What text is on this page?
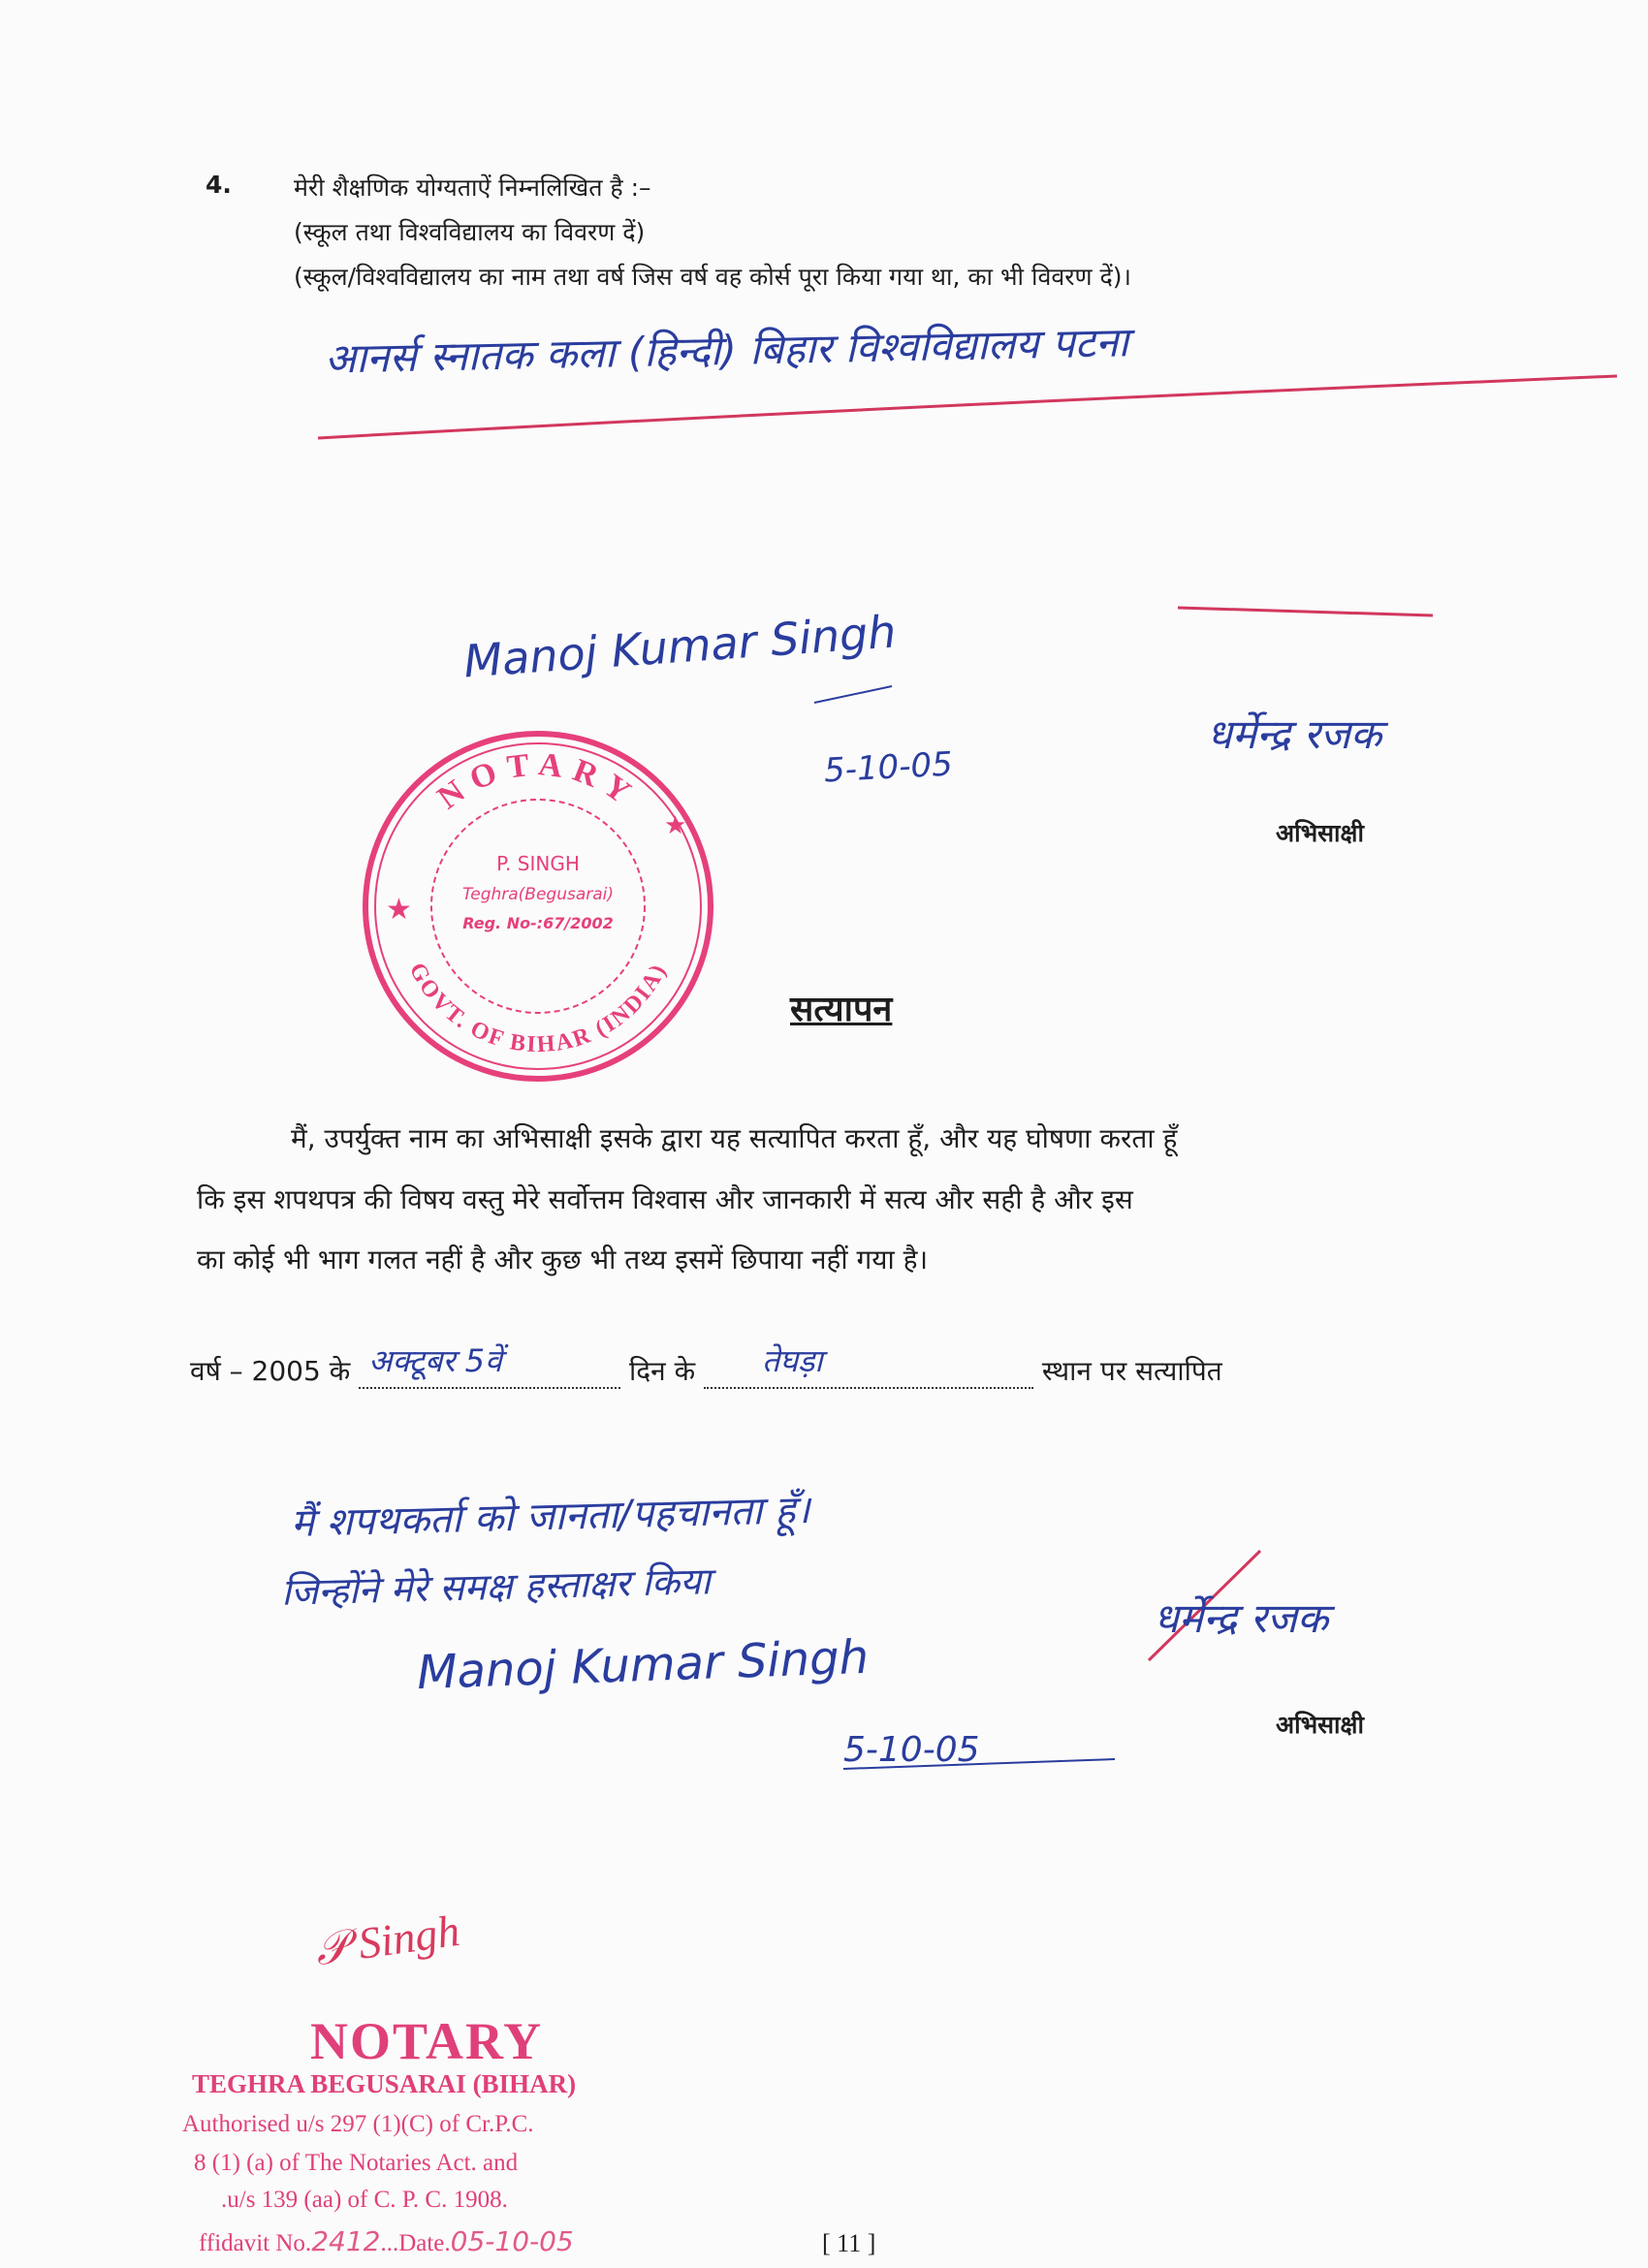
4.	मेरी शैक्षणिक योग्यताऐं निम्नलिखित है :–
(स्कूल तथा विश्वविद्यालय का विवरण दें)
(स्कूल/विश्वविद्यालय का नाम तथा वर्ष जिस वर्ष वह कोर्स पूरा किया गया था, का भी विवरण दें)।
आनर्स स्नातक कला (हिन्दी) बिहार विश्वविद्यालय पटना
Manoj Kumar Singh
5-10-05
धर्मेन्द्र रजक
अभिसाक्षी
NOTARY
GOVT. OF BIHAR (INDIA)
P. SINGH
Teghra(Begusarai)
Reg. No-:67/2002
★
★
सत्यापन
मैं, उपर्युक्त नाम का अभिसाक्षी इसके द्वारा यह सत्यापित करता हूँ, और यह घोषणा करता हूँ
कि इस शपथपत्र की विषय वस्तु मेरे सर्वोत्तम विश्वास और जानकारी में सत्य और सही है और इस
का कोई भी भाग गलत नहीं है और कुछ भी तथ्य इसमें छिपाया नहीं गया है।
वर्ष – 2005 के अक्टूबर 5वें	दिन के तेघड़ा	स्थान पर सत्यापित
मैं शपथकर्ता को जानता/पहचानता हूँ।
जिन्होंने मेरे समक्ष हस्ताक्षर किया
Manoj Kumar Singh
5-10-05
धर्मेन्द्र रजक
अभिसाक्षी
𝒫 Singh
NOTARY
TEGHRA BEGUSARAI (BIHAR)
Authorised u/s 297 (1)(C) of Cr.P.C.
8 (1) (a) of The Notaries Act. and
.u/s 139 (aa) of C. P. C. 1908.
ffidavit No.2412...Date.05-10-05	[ 11 ]
